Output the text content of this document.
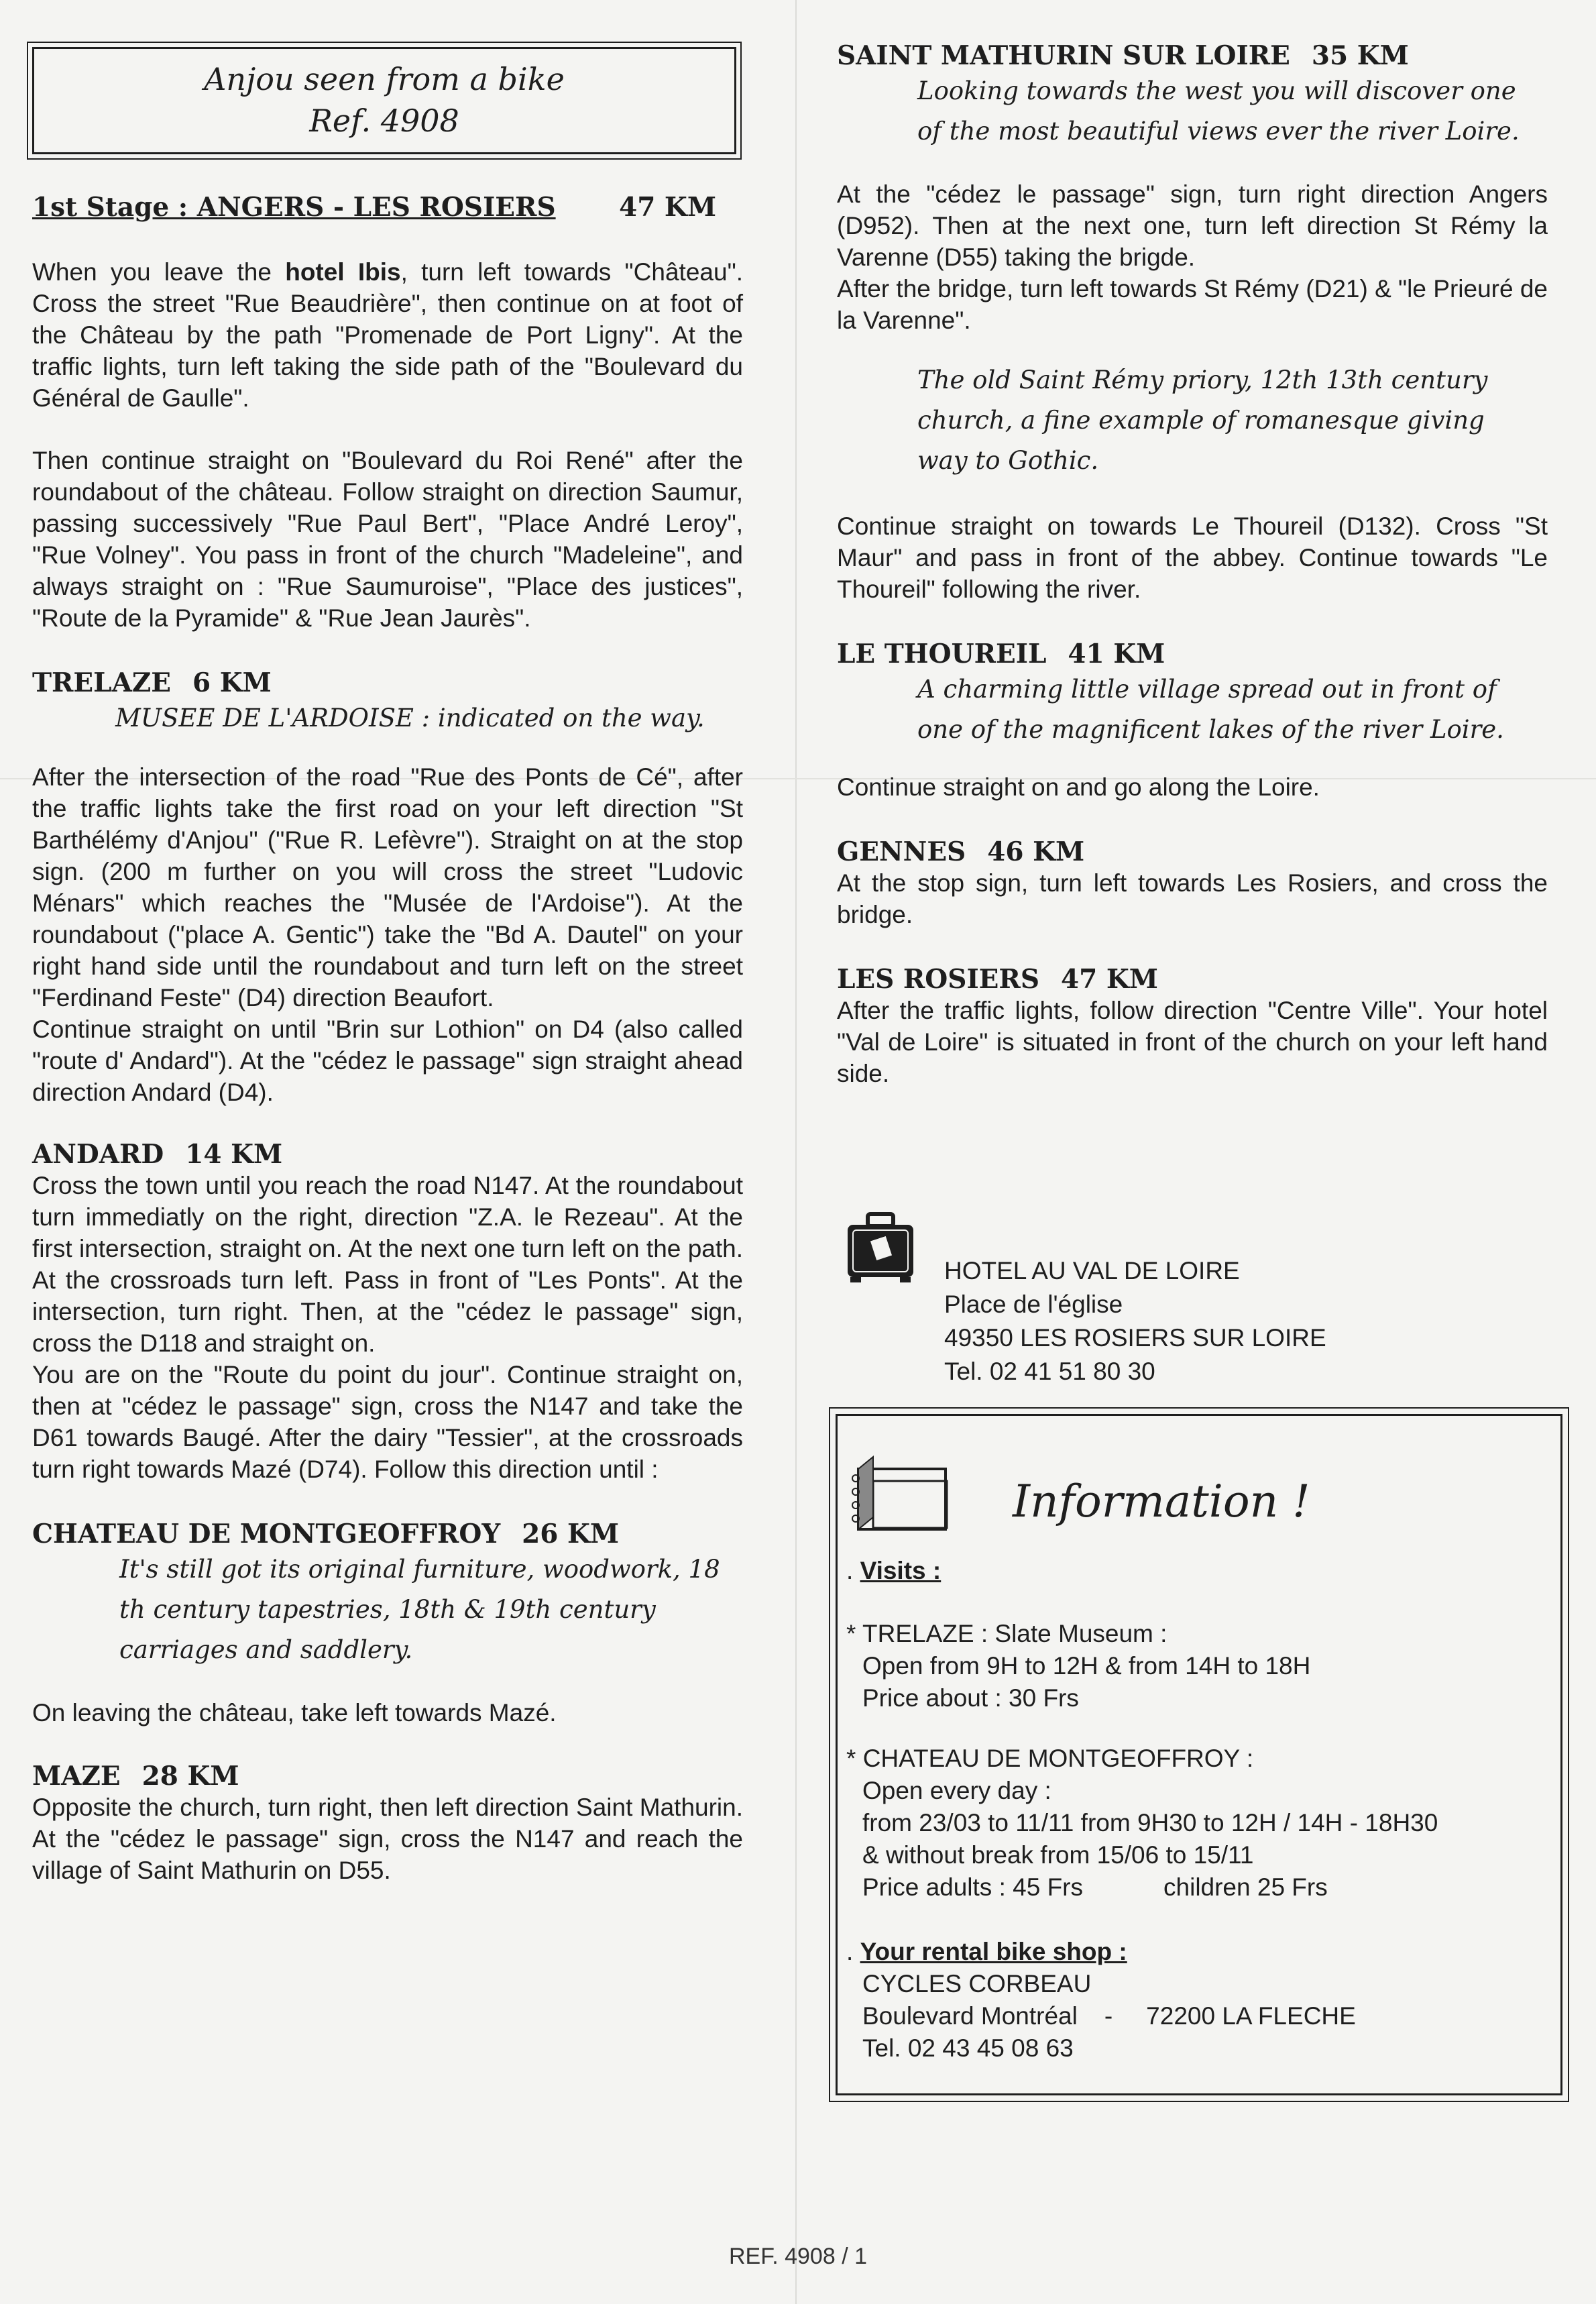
Anjou seen from a bike
Ref. 4908
1st Stage : ANGERS - LES ROSIERS 47 KM

When you leave the hotel Ibis, turn left towards "Château". Cross the street "Rue Beaudrière", then continue on at foot of the Château by the path "Promenade de Port Ligny". At the traffic lights, turn left taking the side path of the "Boulevard du Général de Gaulle".

Then continue straight on "Boulevard du Roi René" after the roundabout of the château. Follow straight on direction Saumur, passing successively "Rue Paul Bert", "Place André Leroy", "Rue Volney". You pass in front of the church "Madeleine", and always straight on : "Rue Saumuroise", "Place des justices", "Route de la Pyramide" & "Rue Jean Jaurès".

TRELAZE 6 KM

MUSEE DE L'ARDOISE : indicated on the way.

After the intersection of the road "Rue des Ponts de Cé", after the traffic lights take the first road on your left direction "St Barthélémy d'Anjou" ("Rue R. Lefèvre"). Straight on at the stop sign. (200 m further on you will cross the street "Ludovic Ménars" which reaches the "Musée de l'Ardoise"). At the roundabout ("place A. Gentic") take the "Bd A. Dautel" on your right hand side until the roundabout and turn left on the street "Ferdinand Feste" (D4) direction Beaufort.

Continue straight on until "Brin sur Lothion" on D4 (also called "route d' Andard"). At the "cédez le passage" sign straight ahead direction Andard (D4).

ANDARD 14 KM

Cross the town until you reach the road N147. At the roundabout turn immediatly on the right, direction "Z.A. le Rezeau". At the first intersection, straight on. At the next one turn left on the path. At the crossroads turn left. Pass in front of "Les Ponts". At the intersection, turn right. Then, at the "cédez le passage" sign, cross the D118 and straight on.

You are on the "Route du point du jour". Continue straight on, then at "cédez le passage" sign, cross the N147 and take the D61 towards Baugé. After the dairy "Tessier", at the crossroads turn right towards Mazé (D74). Follow this direction until :

CHATEAU DE MONTGEOFFROY 26 KM

It's still got its original furniture, woodwork, 18 th century tapestries, 18th & 19th century carriages and saddlery.

On leaving the château, take left towards Mazé.

MAZE 28 KM

Opposite the church, turn right, then left direction Saint Mathurin. At the "cédez le passage" sign, cross the N147 and reach the village of Saint Mathurin on D55.

SAINT MATHURIN SUR LOIRE 35 KM

Looking towards the west you will discover one of the most beautiful views ever the river Loire.

At the "cédez le passage" sign, turn right direction Angers (D952). Then at the next one, turn left direction St Rémy la Varenne (D55) taking the brigde.

After the bridge, turn left towards St Rémy (D21) & "le Prieuré de la Varenne".

The old Saint Rémy priory, 12th 13th century church, a fine example of romanesque giving way to Gothic.

Continue straight on towards Le Thoureil (D132). Cross "St Maur" and pass in front of the abbey. Continue towards "Le Thoureil" following the river.

LE THOUREIL 41 KM

A charming little village spread out in front of one of the magnificent lakes of the river Loire.

Continue straight on and go along the Loire.

GENNES 46 KM

At the stop sign, turn left towards Les Rosiers, and cross the bridge.

LES ROSIERS 47 KM

After the traffic lights, follow direction "Centre Ville". Your hotel "Val de Loire" is situated in front of the church on your left hand side.

HOTEL AU VAL DE LOIRE
Place de l'église
49350 LES ROSIERS SUR LOIRE
Tel. 02 41 51 80 30
Information !
. Visits :
* TRELAZE : Slate Museum :
Open from 9H to 12H & from 14H to 18H
Price about : 30 Frs
* CHATEAU DE MONTGEOFFROY :
Open every day :
from 23/03 to 11/11 from 9H30 to 12H / 14H - 18H30
& without break from 15/06 to 15/11
Price adults : 45 Frs	children 25 Frs
. Your rental bike shop :
CYCLES CORBEAU
Boulevard Montréal - 72200 LA FLECHE
Tel. 02 43 45 08 63
REF. 4908 / 1
